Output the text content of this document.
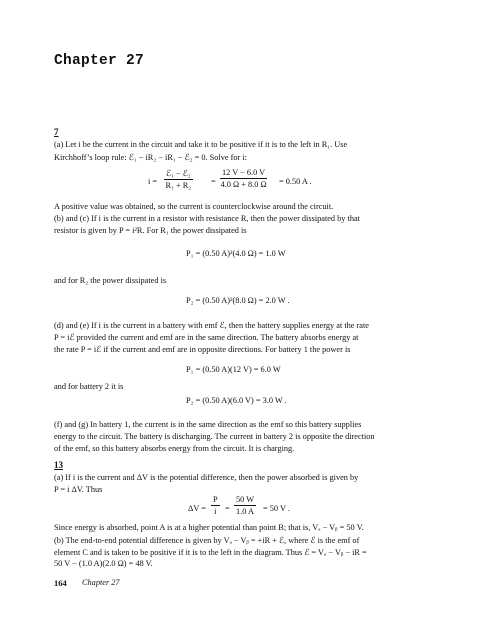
Chapter 27
7
(a) Let i be the current in the circuit and take it to be positive if it is to the left in R₁. Use
Kirchhoff’s loop rule: ℰ₁ − iR₂ − iR₁ − ℰ₂ = 0. Solve for i:
i =
ℰ₁ − ℰ₂
$R_1 + R_2 = \frac{12 V - 6.0 V}{4.0 \Omega + 8.0 \Omega} = 0.50$ A .
A positive value was obtained, so the current is counterclockwise around the circuit.
(b) and (c) If i is the current in a resistor with resistance R, then the power dissipated by that
resistor is given by P = i²R. For R₁ the power dissipated is
P₁ = (0.50 A)²(4.0 Ω) = 1.0 W
and for R₂ the power dissipated is
P₂ = (0.50 A)²(8.0 Ω) = 2.0 W .
(d) and (e) If i is the current in a battery with emf ℰ, then the battery supplies energy at the rate
P = iℰ provided the current and emf are in the same direction. The battery absorbs energy at
the rate P = iℰ if the current and emf are in opposite directions. For battery 1 the power is
P₁ = (0.50 A)(12 V) = 6.0 W
and for battery 2 it is
P₂ = (0.50 A)(6.0 V) = 3.0 W .
(f) and (g) In battery 1, the current is in the same direction as the emf so this battery supplies
energy to the circuit. The battery is discharging. The current in battery 2 is opposite the direction
of the emf, so this battery absorbs energy from the circuit. It is charging.
13
(a) If i is the current and ΔV is the potential difference, then the power absorbed is given by
P = i ΔV. Thus
$\Delta V = \frac{P}{i} = \frac{50 W}{1.0 A} = 50$ V .
Since energy is absorbed, point A is at a higher potential than point B; that is, Vₐ − Vᵦ = 50 V.
(b) The end-to-end potential difference is given by Vₐ − Vᵦ = +iR + ℰ, where ℰ is the emf of
element C and is taken to be positive if it is to the left in the diagram. Thus ℰ = Vₐ − Vᵦ − iR =
50 V − (1.0 A)(2.0 Ω) = 48 V.
164 Chapter 27
